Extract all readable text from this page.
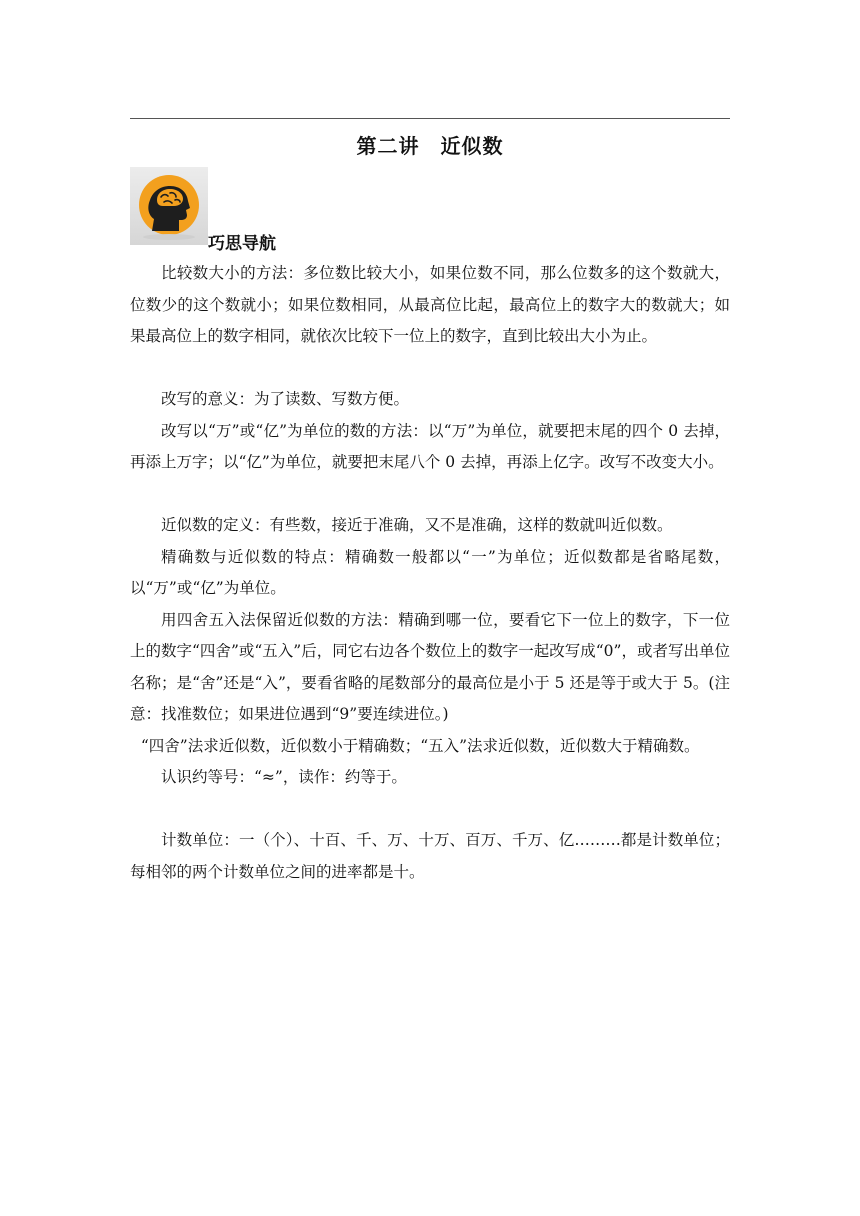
第二讲　近似数
巧思导航

比较数大小的方法：多位数比较大小，如果位数不同，那么位数多的这个数就大，位数少的这个数就小；如果位数相同，从最高位比起，最高位上的数字大的数就大；如果最高位上的数字相同，就依次比较下一位上的数字，直到比较出大小为止。

改写的意义：为了读数、写数方便。

改写以“万”或“亿”为单位的数的方法：以“万”为单位，就要把末尾的四个 0 去掉，再添上万字；以“亿”为单位，就要把末尾八个 0 去掉，再添上亿字。改写不改变大小。

近似数的定义：有些数，接近于准确，又不是准确，这样的数就叫近似数。

精确数与近似数的特点：精确数一般都以“一”为单位；近似数都是省略尾数，以“万”或“亿”为单位。

用四舍五入法保留近似数的方法：精确到哪一位，要看它下一位上的数字，下一位上的数字“四舍”或“五入”后，同它右边各个数位上的数字一起改写成“0”，或者写出单位名称；是“舍”还是“入”，要看省略的尾数部分的最高位是小于 5 还是等于或大于 5。(注意：找准数位；如果进位遇到“9”要连续进位。)

“四舍”法求近似数，近似数小于精确数；“五入”法求近似数，近似数大于精确数。

认识约等号：“≈”，读作：约等于。

计数单位：一（个）、十百、千、万、十万、百万、千万、亿………都是计数单位；每相邻的两个计数单位之间的进率都是十。
